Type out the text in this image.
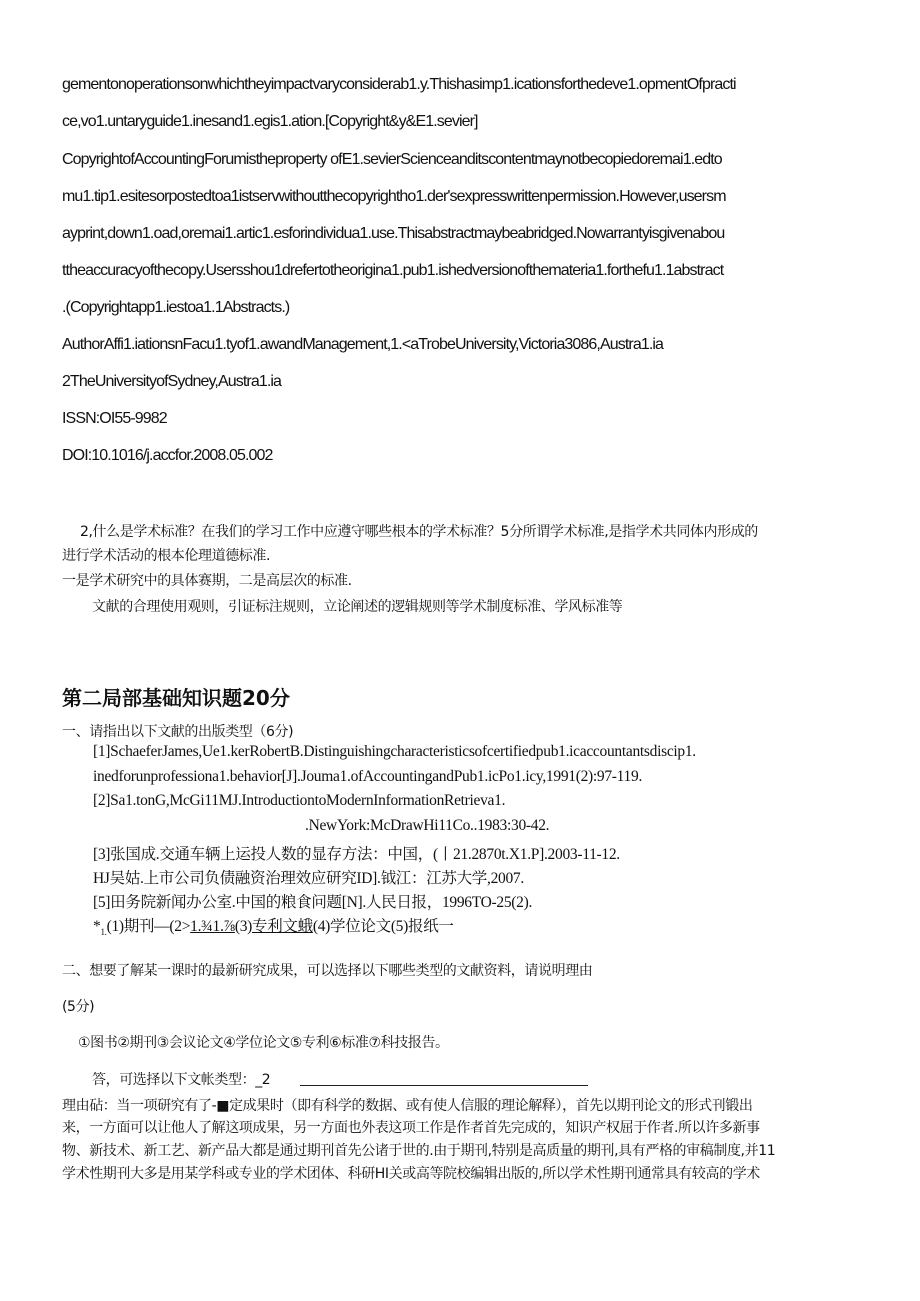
gementonoperationsonwhichtheyimpactvaryconsiderab1.y.Thishasimp1.icationsforthedeve1.opmentOfpracti
ce,vo1.untaryguide1.inesand1.egis1.ation.[Copyright&y&E1.sevier]
CopyrightofAccountingForumistheproperty ofE1.sevierScienceanditscontentmaynotbecopiedoremai1.edto
mu1.tip1.esitesorpostedtoa1istservwithoutthecopyrightho1.der'sexpresswrittenpermission.However,usersm
ayprint,down1.oad,oremai1.artic1.esforindividua1.use.Thisabstractmaybeabridged.Nowarrantyisgivenabou
ttheaccuracyofthecopy.Usersshou1drefertotheorigina1.pub1.ishedversionofthemateria1.forthefu1.1abstract
.(Copyrightapp1.iestoa1.1Abstracts.)
AuthorAffi1.iationsnFacu1.tyof1.awandManagement,1.<aTrobeUniversity,Victoria3086,Austra1.ia
2TheUniversityofSydney,Austra1.ia
ISSN:OI55-9982
DOI:10.1016/j.accfor.2008.05.002
2,什么是学术标准？在我们的学习工作中应遵守哪些根本的学术标准？5分所谓学术标准,是指学术共同体内形成的
进行学术活动的根本伦理道德标准.
一是学术研究中的具体赛期，二是高层次的标准.
文献的合理使用观则，引证标注规则，立论阐述的逻辑规则等学术制度标准、学风标准等
第二局部基础知识题20分
一、请指出以下文献的出版类型（6分)
[1]SchaeferJames,Ue1.kerRobertB.Distinguishingcharacteristicsofcertifiedpub1.icaccountantsdiscip1.
inedforunprofessiona1.behavior[J].Jouma1.ofAccountingandPub1.icPo1.icy,1991(2):97-119.
[2]Sa1.tonG,McGi11MJ.IntroductiontoModernInformationRetrieva1.
.NewYork:McDrawHi11Co..1983:30-42.
[3]张国成.交通车辆上运投人数的显存方法：中国，(丨21.2870t.X1.P].2003-11-12.
HJ吴姑.上市公司负债融资治理效应研究ID].钺江：江苏大学,2007.
[5]田务院新闻办公室.中国的粮食问题[N].人民日报，1996TO-25(2).
$*_{1.}(1)$期刊—(2>1.¾1.⅞(3)专利文蛾(4)学位论文(5)报纸一
二、想要了解某一课时的最新研究成果，可以选择以下哪些类型的文献资料，请说明理由
(5分)
①图书②期刊③会议论文④学位论文⑤专利⑥标准⑦科技报告。
答，可选择以下文帐类型：_2
理由砧：当一项研究有了-■定成果时（即有科学的数据、或有使人信服的理论解释），首先以期刊论文的形式刊锻出
来，一方面可以让他人了解这项成果，另一方面也外表这项工作是作者首先完成的，知识产权屈于作者.所以许多新事
物、新技术、新工艺、新产品大都是通过期刊首先公诸于世的.由于期刊,特别是高质量的期刊,具有严格的审稿制度,并11
学术性期刊大多是用某学科或专业的学术团体、科研HI关或高等院校编辑出版的,所以学术性期刊通常具有较高的学术
